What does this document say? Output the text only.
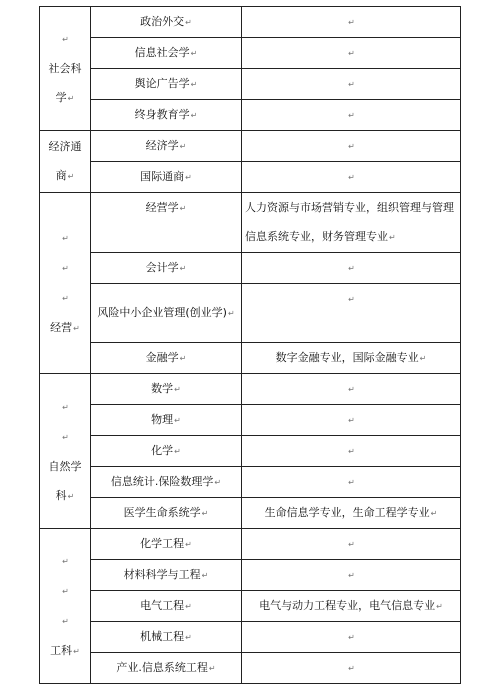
↵
社会科
学↵	政治外交↵	↵
	信息社会学↵	↵
	舆论广告学↵	↵
	终身教育学↵	↵

经济通
商↵	经济学↵	↵
	国际通商↵	↵

↵
↵
↵
经营↵	经营学↵	人力资源与市场营销专业，组织管理与管理信息系统专业，财务管理专业↵
	会计学↵	↵
	风险中小企业管理(创业学)↵	↵
	金融学↵	数字金融专业，国际金融专业↵

↵
↵
自然学
科↵	数学↵	↵
	物理↵	↵
	化学↵	↵
	信息统计.保险数理学↵	↵
	医学生命系统学↵	生命信息学专业，生命工程学专业↵

↵
↵
↵
工科↵	化学工程↵	↵
	材料科学与工程↵	↵
	电气工程↵	电气与动力工程专业，电气信息专业↵
	机械工程↵	↵
	产业.信息系统工程↵	↵
